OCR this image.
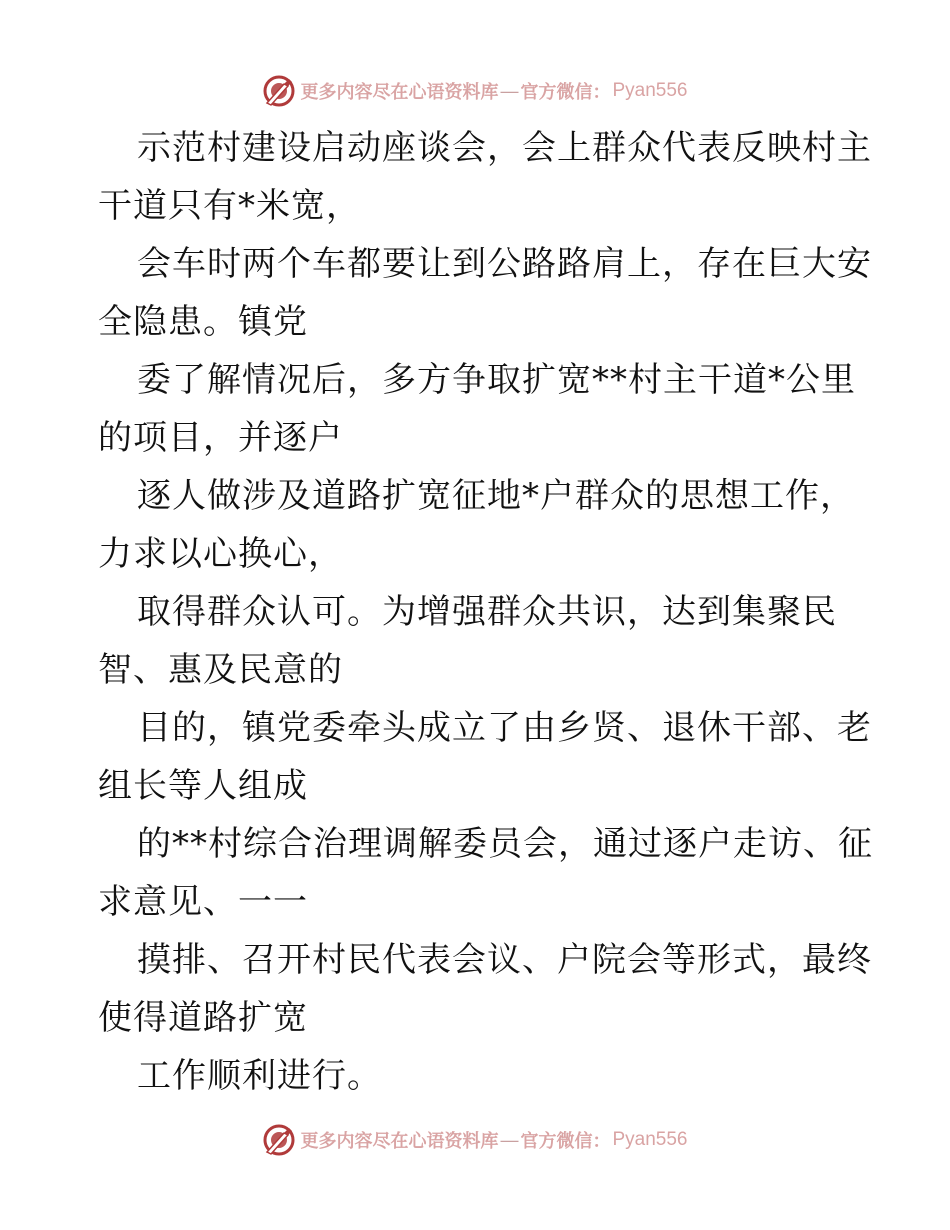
更多内容尽在心语资料库 — 官方微信： Pyan556
示范村建设启动座谈会，会上群众代表反映村主
干道只有*米宽，
会车时两个车都要让到公路路肩上，存在巨大安
全隐患。镇党
委了解情况后，多方争取扩宽**村主干道*公里
的项目，并逐户
逐人做涉及道路扩宽征地*户群众的思想工作，
力求以心换心，
取得群众认可。为增强群众共识，达到集聚民
智、惠及民意的
目的，镇党委牵头成立了由乡贤、退休干部、老
组长等人组成
的**村综合治理调解委员会，通过逐户走访、征
求意见、一一
摸排、召开村民代表会议、户院会等形式，最终
使得道路扩宽
工作顺利进行。
更多内容尽在心语资料库 — 官方微信： Pyan556
